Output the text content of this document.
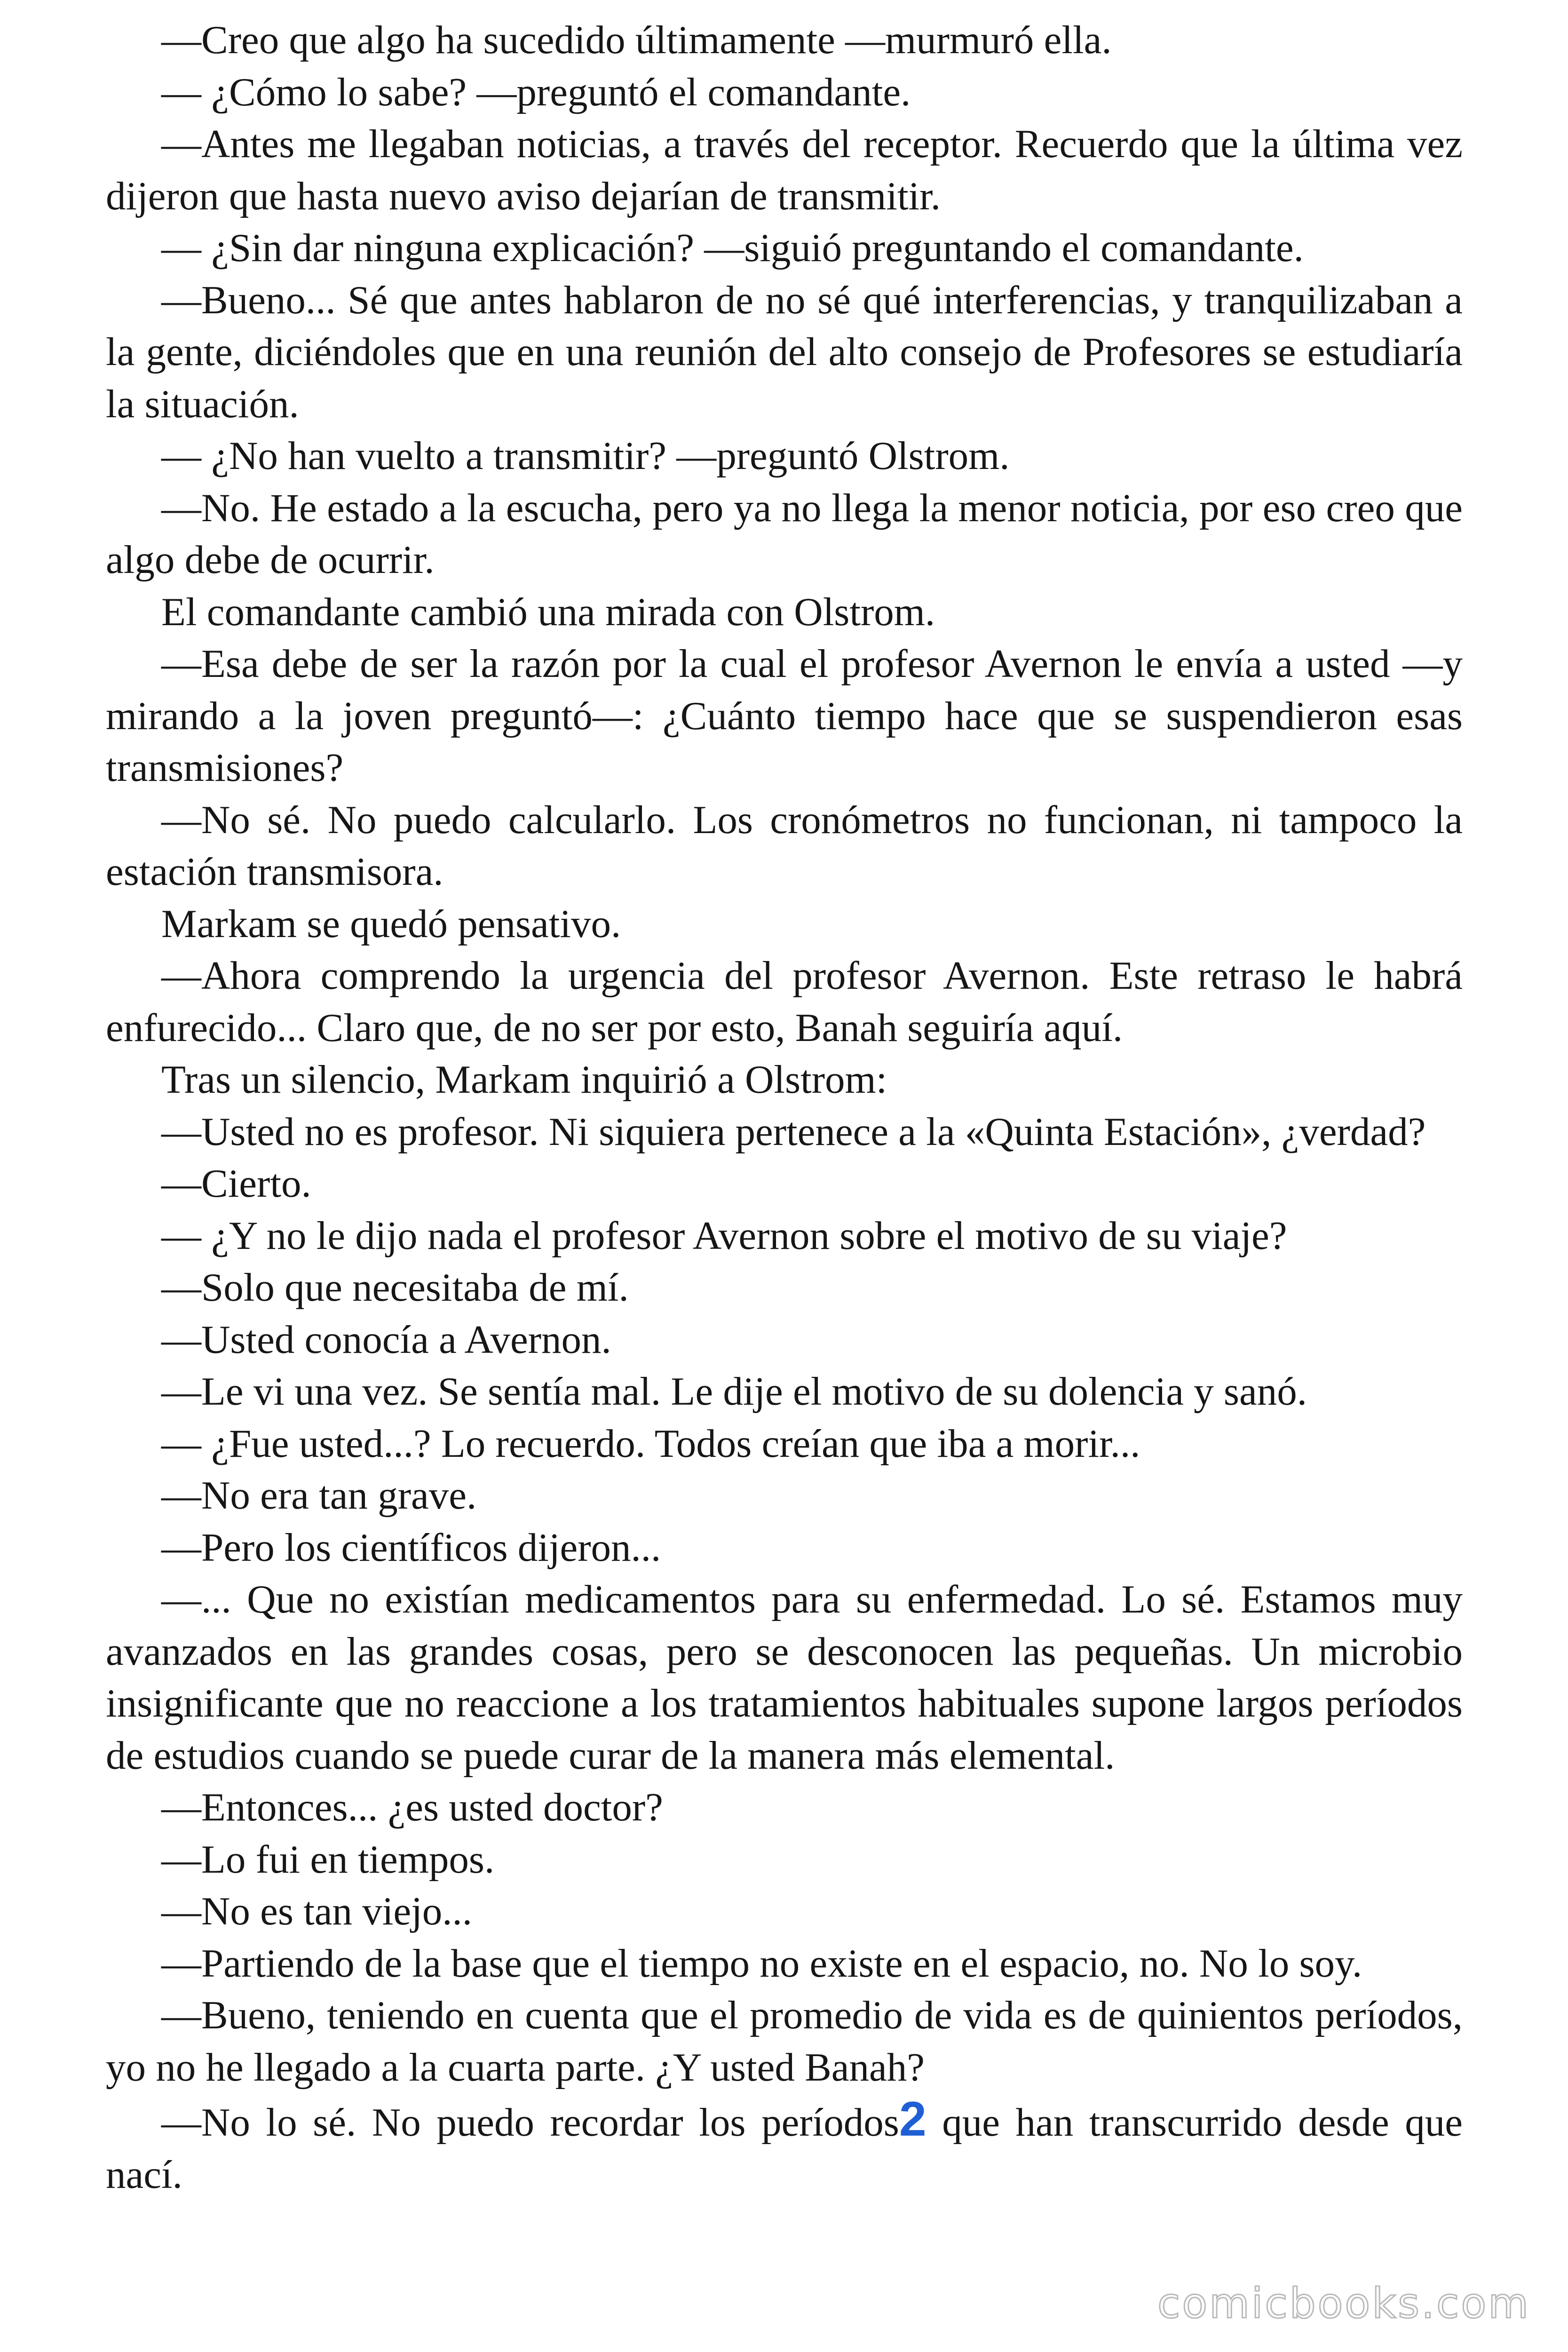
—Creo que algo ha sucedido últimamente —murmuró ella.

— ¿Cómo lo sabe? —preguntó el comandante.

—Antes me llegaban noticias, a través del receptor. Recuerdo que la última vez dijeron que hasta nuevo aviso dejarían de transmitir.

— ¿Sin dar ninguna explicación? —siguió preguntando el comandante.

—Bueno... Sé que antes hablaron de no sé qué interferencias, y tranquilizaban a la gente, diciéndoles que en una reunión del alto consejo de Profesores se estudiaría la situación.

— ¿No han vuelto a transmitir? —preguntó Olstrom.

—No. He estado a la escucha, pero ya no llega la menor noticia, por eso creo que algo debe de ocurrir.

El comandante cambió una mirada con Olstrom.

—Esa debe de ser la razón por la cual el profesor Avernon le envía a usted —y mirando a la joven preguntó—: ¿Cuánto tiempo hace que se suspendieron esas transmisiones?

—No sé. No puedo calcularlo. Los cronómetros no funcionan, ni tampoco la estación transmisora.

Markam se quedó pensativo.

—Ahora comprendo la urgencia del profesor Avernon. Este retraso le habrá enfurecido... Claro que, de no ser por esto, Banah seguiría aquí.

Tras un silencio, Markam inquirió a Olstrom:

—Usted no es profesor. Ni siquiera pertenece a la «Quinta Estación», ¿verdad?

—Cierto.

— ¿Y no le dijo nada el profesor Avernon sobre el motivo de su viaje?

—Solo que necesitaba de mí.

—Usted conocía a Avernon.

—Le vi una vez. Se sentía mal. Le dije el motivo de su dolencia y sanó.

— ¿Fue usted...? Lo recuerdo. Todos creían que iba a morir...

—No era tan grave.

—Pero los científicos dijeron...

—... Que no existían medicamentos para su enfermedad. Lo sé. Estamos muy avanzados en las grandes cosas, pero se desconocen las pequeñas. Un microbio insignificante que no reaccione a los tratamientos habituales supone largos períodos de estudios cuando se puede curar de la manera más elemental.

—Entonces... ¿es usted doctor?

—Lo fui en tiempos.

—No es tan viejo...

—Partiendo de la base que el tiempo no existe en el espacio, no. No lo soy.

—Bueno, teniendo en cuenta que el promedio de vida es de quinientos períodos, yo no he llegado a la cuarta parte. ¿Y usted Banah?

—No lo sé. No puedo recordar los períodos2 que han transcurrido desde que nací.

comicbooks.com
